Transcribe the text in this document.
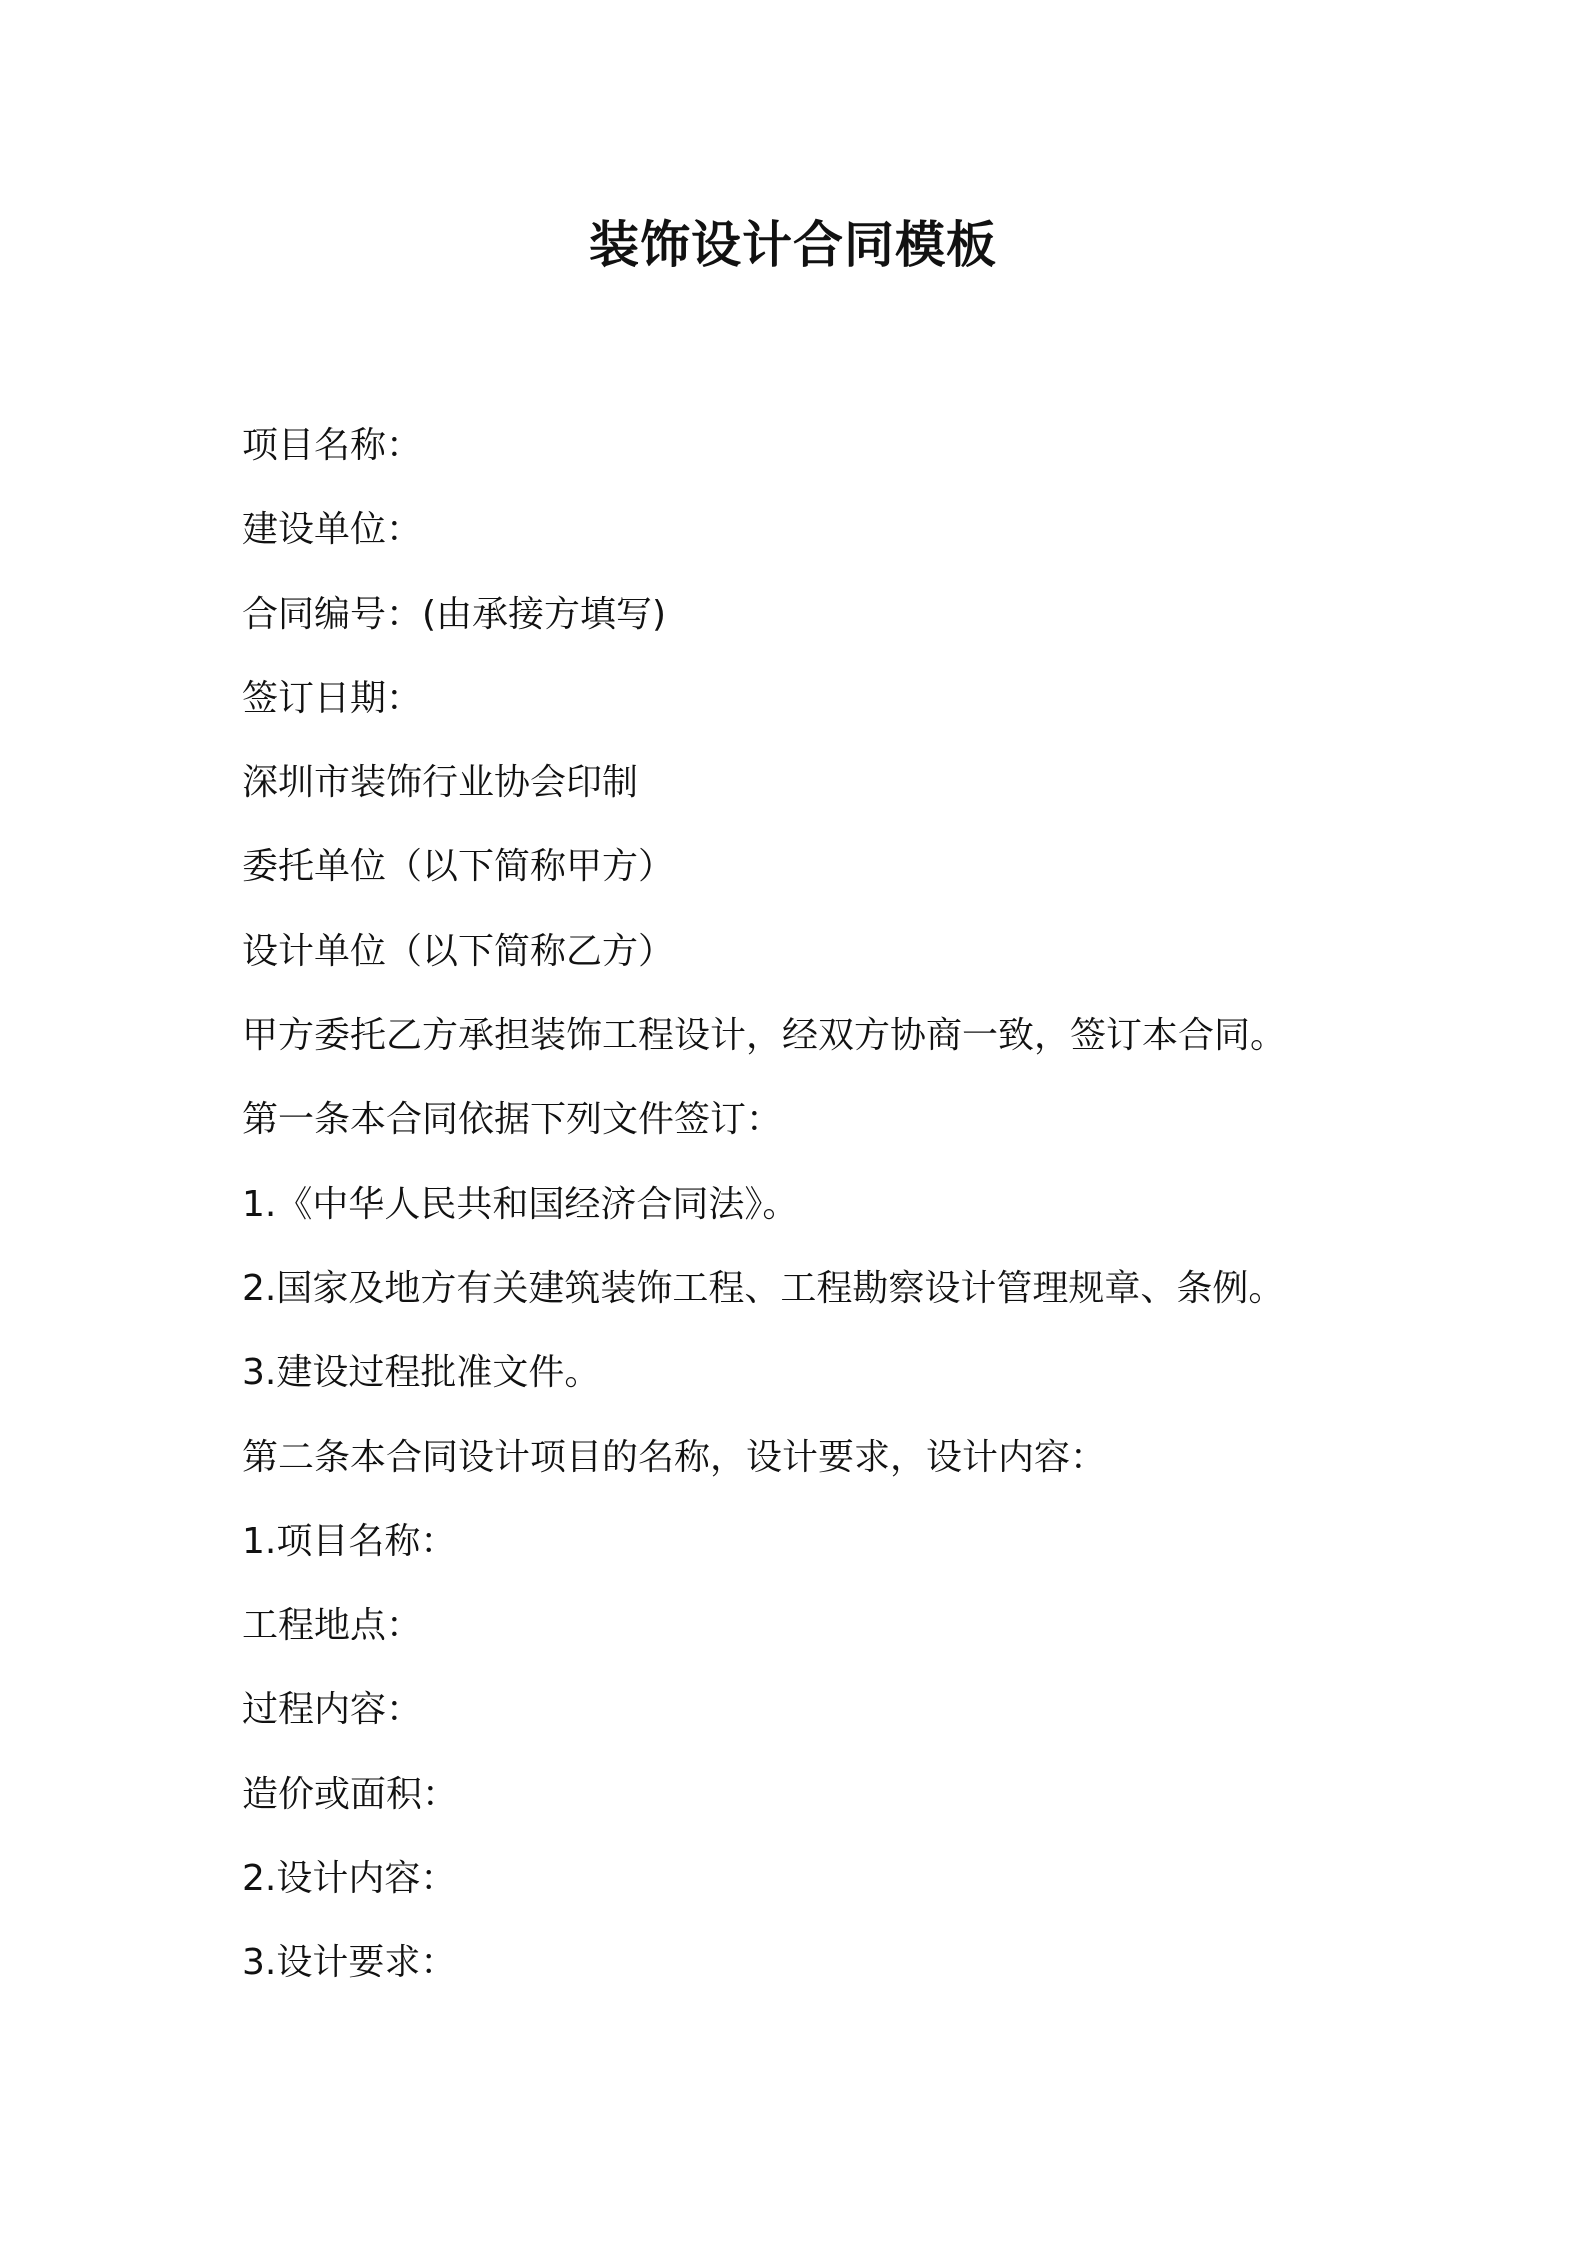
装饰设计合同模板
项目名称：
建设单位：
合同编号：(由承接方填写)
签订日期：
深圳市装饰行业协会印制
委托单位（以下简称甲方）
设计单位（以下简称乙方）
甲方委托乙方承担装饰工程设计，经双方协商一致，签订本合同。
第一条本合同依据下列文件签订：
1.《中华人民共和国经济合同法》。
2.国家及地方有关建筑装饰工程、工程勘察设计管理规章、条例。
3.建设过程批准文件。
第二条本合同设计项目的名称，设计要求，设计内容：
1.项目名称：
工程地点：
过程内容：
造价或面积：
2.设计内容：
3.设计要求：
